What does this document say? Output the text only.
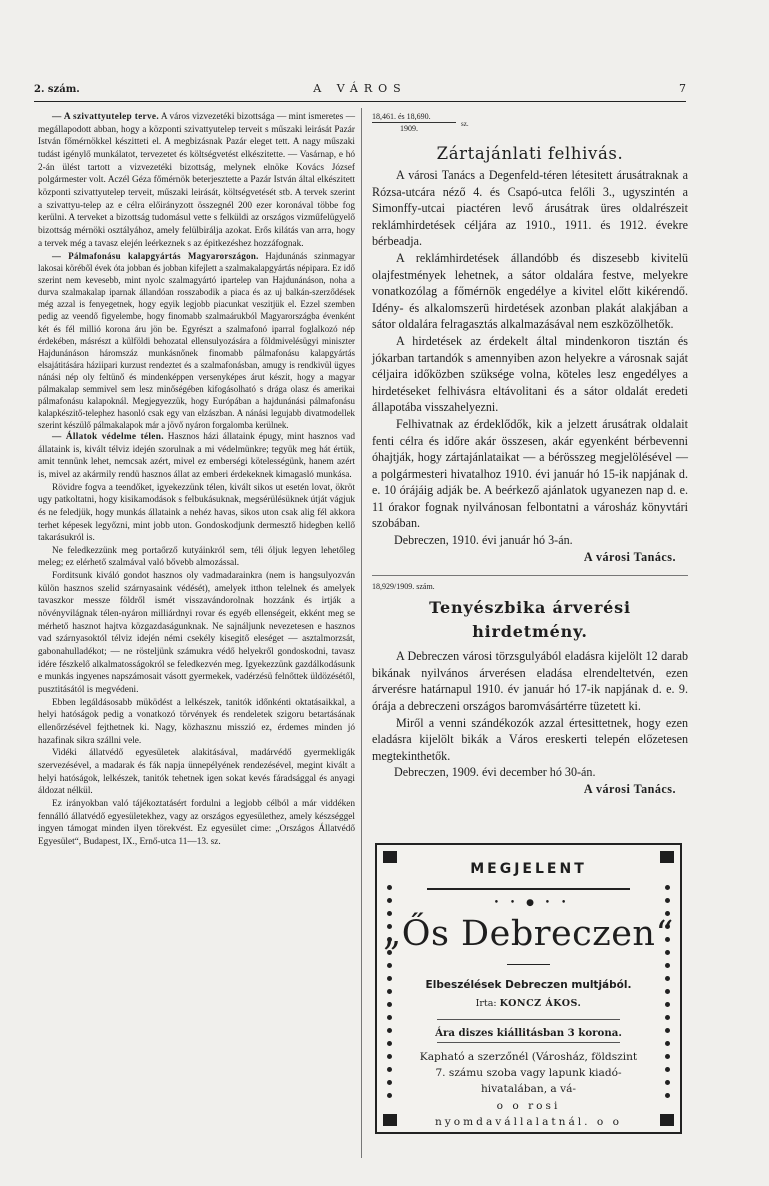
2. szám.	A VÁROS	7

— A szivattyutelep terve. A város vizvezetéki bizottsága — mint ismeretes — megállapodott abban, hogy a központi szivattyutelep terveit s műszaki leirását Pazár István főmérnökkel készitteti el. A megbizásnak Pazár eleget tett. A nagy műszaki tudást igénylő munkálatot, tervezetet és költségvetést elkészitette. — Vasárnap, e hó 2-án ülést tartott a vizvezetéki bizottság, melynek elnöke Kovács József polgármester volt. Aczél Géza főmérnök beterjesztette a Pazár István által elkészitett központi szivattyutelep terveit, műszaki leirását, költségvetését stb. A tervek szerint a szivattyu-telep az e célra előirányzott összegnél 200 ezer koronával többe fog kerülni. A terveket a bizottság tudomásul vette s felküldi az országos vizműfelügyelő bizottság mérnöki osztályához, amely felülbirálja azokat. Erős kilátás van arra, hogy a tervek még a tavasz elején leérkeznek s az épitkezéshez hozzáfognak.

— Pálmafonásu kalapgyártás Magyarországon. Hajdunánás szinmagyar lakosai köréből évek óta jobban és jobban kifejlett a szalmakalapgyártás népipara. Ez idő szerint nem kevesebb, mint nyolc szalmagyártó ipartelep van Hajdunánáson, noha a durva szalmakalap iparnak állandóan rosszabodik a piaca és az uj balkán-szerződések még azzal is fenyegetnek, hogy egyik legjobb piacunkat veszitjük el. Ezzel szemben pedig az veendő figyelembe, hogy finomabb szalmaárukból Magyarországba évenként két és fél millió korona áru jön be. Egyrészt a szalmafonó iparral foglalkozó nép érdekében, másrészt a külföldi behozatal ellensulyozására a földmivelésügyi miniszter Hajdunánáson háromszáz munkásnőnek finomabb pálmafonásu kalapgyártás elsajátitására háziipari kurzust rendeztet és a szalmafonásban, amugy is rendkivül ügyes nánási nép oly feltünő és mindenképpen versenyképes árut készit, hogy a magyar pálmakalap semmivel sem lesz minőségében kifogásolható s drága olasz és amerikai pálmafonásu kalapoknál. Megjegyezzük, hogy Európában a hajdunánási pálmafonásu kalapkészitő-telephez hasonló csak egy van elzászban. A nánási legujabb divatmodellek szerint készülő pálmakalapok már a jövő nyáron forgalomba kerülnek.

— Állatok védelme télen. Hasznos házi állataink épugy, mint hasznos vad állataink is, kivált télviz idején szorulnak a mi védelmünkre; tegyük meg hát értük, amit tennünk lehet, nemcsak azért, mivel ez emberségi kötelességünk, hanem azért is, mivel az akármily rendü hasznos állat az emberi érdekeknek kimagasló munkása.

Rövidre fogva a teendőket, igyekezzünk télen, kivált sikos ut esetén lovat, ökröt ugy patkoltatni, hogy kisikamodások s felbukásuknak, megsérülésüknek útját vágjuk és ne feledjük, hogy munkás állataink a nehéz havas, sikos uton csak alig fél akkora terhet képesek legyőzni, mint jobb uton. Gondoskodjunk dermesztő hidegben kellő takarásukról is.

Ne feledkezzünk meg portaőrző kutyáinkról sem, téli óljuk legyen lehetőleg meleg; ez elérhető szalmával való bővebb almozással.

Forditsunk kiváló gondot hasznos oly vadmadarainkra (nem is hangsulyozván külön hasznos szelid szárnyasaink védését), amelyek itthon telelnek és amelyek tavaszkor messze földről ismét visszavándorolnak hozzánk és irtják a növényvilágnak télen-nyáron milliárdnyi rovar és egyéb ellenségeit, ekként meg se mérhető hasznot hajtva közgazdaságunknak. Ne sajnáljunk nevezetesen e hasznos vad szárnyasoktól télviz idején némi csekély kisegitő eleséget — asztalmorzsát, gabonahulladékot; — ne rösteljünk számukra védő helyekről gondoskodni, tavasz idére fészkelő alkalmatosságokról se feledkezvén meg. Igyekezzünk gazdálkodásunk e munkás ingyenes napszámosait vásott gyermekek, vadérzésü felnőttek üldözésétől, pusztitásától is megvédeni.

Ebben legáldásosabb müködést a lelkészek, tanitók időnkénti oktatásaikkal, a helyi hatóságok pedig a vonatkozó törvények és rendeletek szigoru betartásának ellenőrzésével fejthetnek ki. Nagy, közhasznu misszió ez, érdemes minden jó hazafinak sikra szállni vele.

Vidéki állatvédő egyesületek alakitásával, madárvédő gyermekligák szervezésével, a madarak és fák napja ünnepélyének rendezésével, megint kivált a helyi hatóságok, lelkészek, tanitók tehetnek igen sokat kevés fáradsággal és anyagi áldozat nélkül.

Ez irányokban való tájékoztatásért fordulni a legjobb célból a már viddéken fennálló állatvédő egyesületekhez, vagy az országos egyesülethez, amely készséggel ingyen támogat minden ilyen törekvést. Ez egyesület cime: „Országos Állatvédő Egyesület“, Budapest, IX., Ernő-utca 11—13. sz.

18,461. és 18,690.
1909.	sz.
Zártajánlati felhivás.

A városi Tanács a Degenfeld-téren létesitett árusátraknak a Rózsa-utcára néző 4. és Csapó-utca felőli 3., ugyszintén a Simonffy-utcai piactéren levő árusátrak üres oldalrészeit reklámhirdetések céljára az 1910., 1911. és 1912. évekre bérbeadja.

A reklámhirdetések állandóbb és diszesebb kivitelü olajfestmények lehetnek, a sátor oldalára festve, melyekre vonatkozólag a főmérnök engedélye a kivitel előtt kikérendő. Idény- és alkalomszerü hirdetések azonban plakát alakjában a sátor oldalára felragasztás alkalmazásával nem eszközölhetők.

A hirdetések az érdekelt által mindenkoron tisztán és jókarban tartandók s amennyiben azon helyekre a városnak saját céljaira időközben szüksége volna, köteles lesz engedélyes a hirdetéseket felhivásra eltávolitani és a sátor oldalát eredeti állapotába visszahelyezni.

Felhivatnak az érdeklődők, kik a jelzett árusátrak oldalait fenti célra és időre akár összesen, akár egyenként bérbevenni óhajtják, hogy zártajánlataikat — a bérösszeg megjelölésével — a polgármesteri hivatalhoz 1910. évi január hó 15-ik napjának d. e. 10 órájáig adják be. A beérkező ajánlatok ugyanezen nap d. e. 11 órakor fognak nyilvánosan felbontatni a városház könyvtári szobában.

Debreczen, 1910. évi január hó 3-án.

A városi Tanács.

18,929/1909. szám.
Tenyészbika árverési hirdetmény.

A Debreczen városi törzsgulyából eladásra kijelölt 12 darab bikának nyilvános árverésen eladása elrendeltetvén, ezen árverésre határnapul 1910. év január hó 17-ik napjának d. e. 9. órája a debreczeni országos baromvásártérre tüzetett ki.

Miről a venni szándékozók azzal értesittetnek, hogy ezen eladásra kijelölt bikák a Város ereskerti telepén előzetesen megtekinthetők.

Debreczen, 1909. évi december hó 30-án.

A városi Tanács.

MEGJELENT
• • ● • •
„Ős Debreczen“
Elbeszélések Debreczen multjából.
Irta: KONCZ ÁKOS.
Ára diszes kiállitásban 3 korona.
Kapható a szerzőnél (Városház, földszint 7. számu szoba vagy lapunk kiadó-hivatalában, a vá-
o o rosi nyomdavállalatnál. o o
